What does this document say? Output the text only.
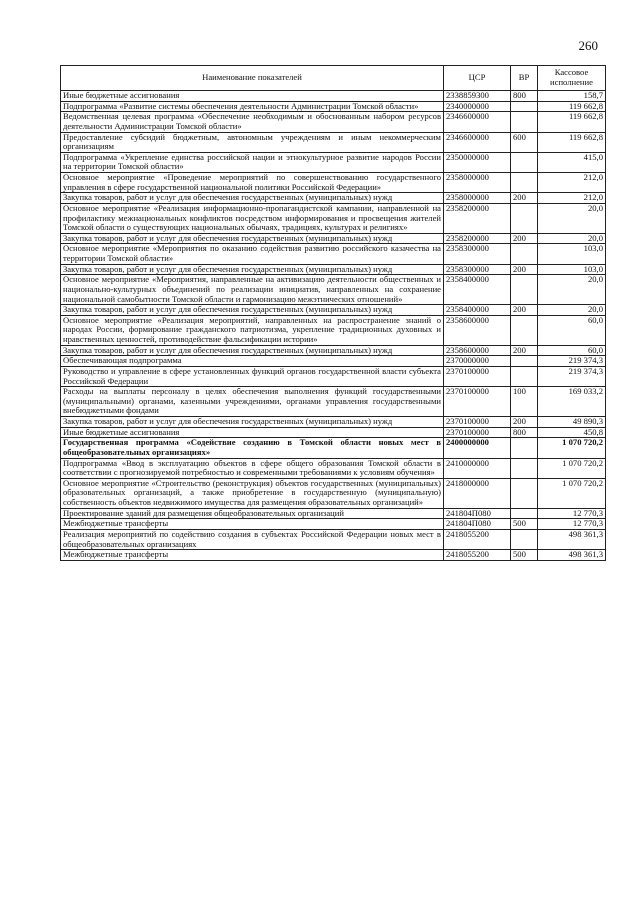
260
Наименование показателей	ЦСР	ВР	Кассовое исполнение
Иные бюджетные ассигнования	2338859300	800	158,7
Подпрограмма «Развитие системы обеспечения деятельности Администрации Томской области»	2340000000		119 662,8
Ведомственная целевая программа «Обеспечение необходимым и обоснованным набором ресурсов деятельности Администрации Томской области»	2346600000		119 662,8
Предоставление субсидий бюджетным, автономным учреждениям и иным некоммерческим организациям	2346600000	600	119 662,8
Подпрограмма «Укрепление единства российской нации и этнокультурное развитие народов России на территории Томской области»	2350000000		415,0
Основное мероприятие «Проведение мероприятий по совершенствованию государственного управления в сфере государственной национальной политики Российской Федерации»	2358000000		212,0
Закупка товаров, работ и услуг для обеспечения государственных (муниципальных) нужд	2358000000	200	212,0
Основное мероприятие «Реализация информационно-пропагандистской кампании, направленной на профилактику межнациональных конфликтов посредством информирования и просвещения жителей Томской области о существующих национальных обычаях, традициях, культурах и религиях»	2358200000		20,0
Закупка товаров, работ и услуг для обеспечения государственных (муниципальных) нужд	2358200000	200	20,0
Основное мероприятие «Мероприятия по оказанию содействия развитию российского казачества на территории Томской области»	2358300000		103,0
Закупка товаров, работ и услуг для обеспечения государственных (муниципальных) нужд	2358300000	200	103,0
Основное мероприятие «Мероприятия, направленные на активизацию деятельности общественных и национально-культурных объединений по реализации инициатив, направленных на сохранение национальной самобытности Томской области и гармонизацию межэтнических отношений»	2358400000		20,0
Закупка товаров, работ и услуг для обеспечения государственных (муниципальных) нужд	2358400000	200	20,0
Основное мероприятие «Реализация мероприятий, направленных на распространение знаний о народах России, формирование гражданского патриотизма, укрепление традиционных духовных и нравственных ценностей, противодействие фальсификации истории»	2358600000		60,0
Закупка товаров, работ и услуг для обеспечения государственных (муниципальных) нужд	2358600000	200	60,0
Обеспечивающая подпрограмма	2370000000		219 374,3
Руководство и управление в сфере установленных функций органов государственной власти субъекта Российской Федерации	2370100000		219 374,3
Расходы на выплаты персоналу в целях обеспечения выполнения функций государственными (муниципальными) органами, казенными учреждениями, органами управления государственными внебюджетными фондами	2370100000	100	169 033,2
Закупка товаров, работ и услуг для обеспечения государственных (муниципальных) нужд	2370100000	200	49 890,3
Иные бюджетные ассигнования	2370100000	800	450,8
Государственная программа «Содействие созданию в Томской области новых мест в общеобразовательных организациях»	2400000000		1 070 720,2
Подпрограмма «Ввод в эксплуатацию объектов в сфере общего образования Томской области в соответствии с прогнозируемой потребностью и современными требованиями к условиям обучения»	2410000000		1 070 720,2
Основное мероприятие «Строительство (реконструкция) объектов государственных (муниципальных) образовательных организаций, а также приобретение в государственную (муниципальную) собственность объектов недвижимого имущества для размещения образовательных организаций»	2418000000		1 070 720,2
Проектирование зданий для размещения общеобразовательных организаций	241804П080		12 770,3
Межбюджетные трансферты	241804П080	500	12 770,3
Реализация мероприятий по содействию создания в субъектах Российской Федерации новых мест в общеобразовательных организациях	2418055200		498 361,3
Межбюджетные трансферты	2418055200	500	498 361,3
